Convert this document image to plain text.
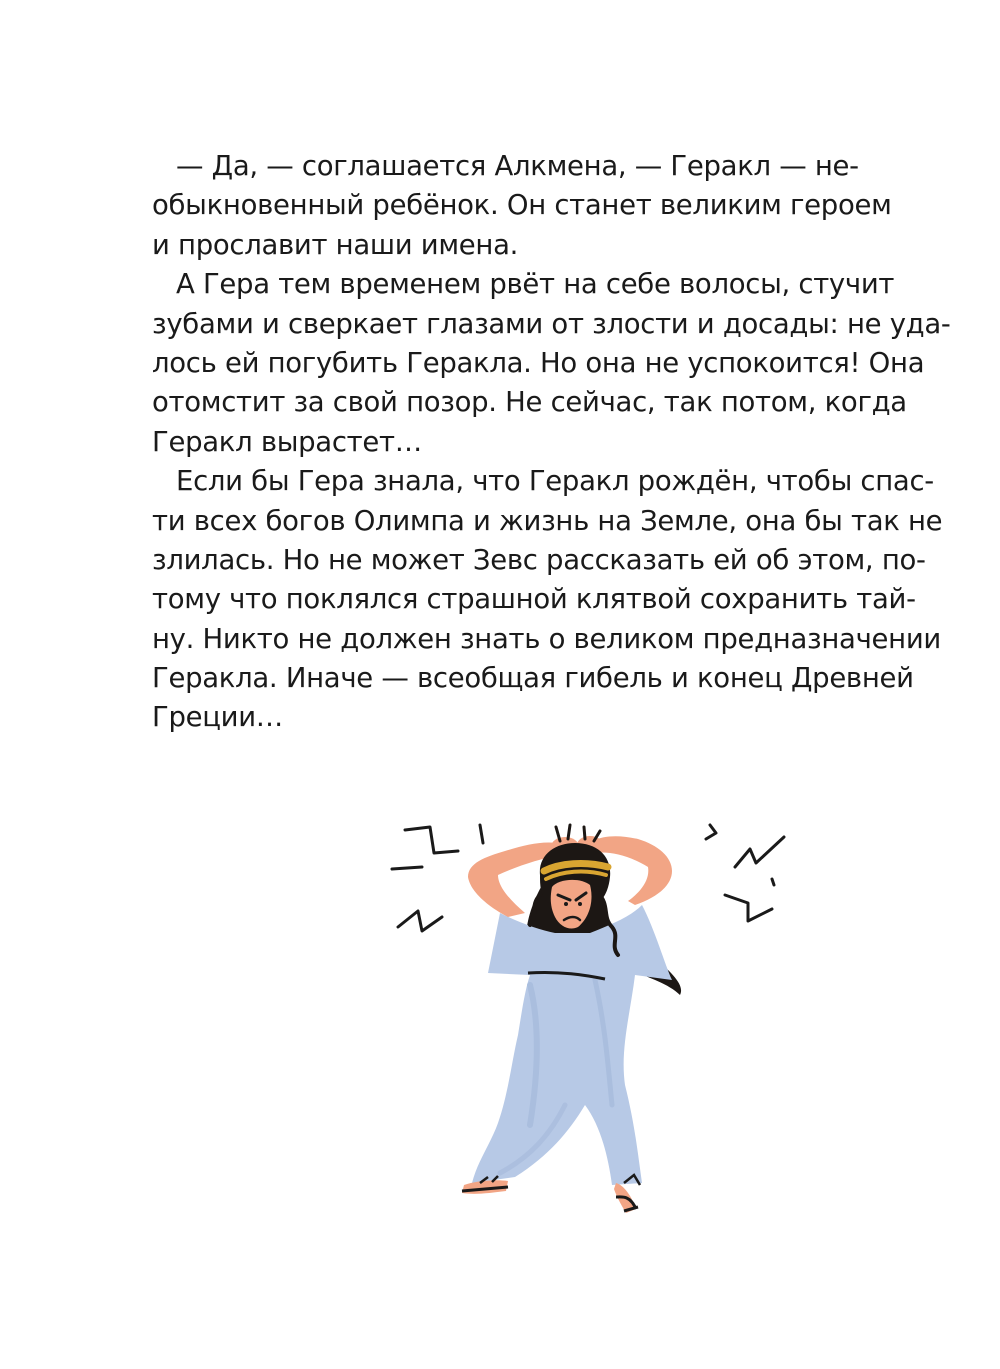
— Да, — соглашается Алкмена, — Геракл — не-
обыкновенный ребёнок. Он станет великим героем
и прославит наши имена.
А Гера тем временем рвёт на себе волосы, стучит
зубами и сверкает глазами от злости и досады: не уда-
лось ей погубить Геракла. Но она не успокоится! Она
отомстит за свой позор. Не сейчас, так потом, когда
Геракл вырастет…
Если бы Гера знала, что Геракл рождён, чтобы спас-
ти всех богов Олимпа и жизнь на Земле, она бы так не
злилась. Но не может Зевс рассказать ей об этом, по-
тому что поклялся страшной клятвой сохранить тай-
ну. Никто не должен знать о великом предназначении
Геракла. Иначе — всеобщая гибель и конец Древней
Греции…
